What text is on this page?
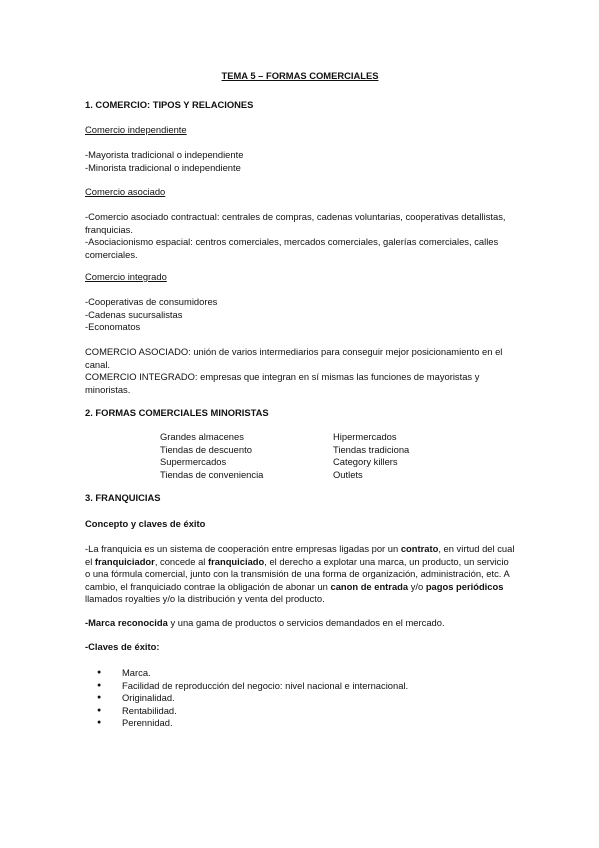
TEMA 5 – FORMAS COMERCIALES
1. COMERCIO: TIPOS Y RELACIONES
Comercio independiente
-Mayorista tradicional o independiente
-Minorista tradicional o independiente
Comercio asociado
-Comercio asociado contractual: centrales de compras, cadenas voluntarias, cooperativas detallistas, franquicias.
-Asociacionismo espacial: centros comerciales, mercados comerciales, galerías comerciales, calles comerciales.
Comercio integrado
-Cooperativas de consumidores
-Cadenas sucursalistas
-Economatos
COMERCIO ASOCIADO: unión de varios intermediarios para conseguir mejor posicionamiento en el canal.
COMERCIO INTEGRADO: empresas que integran en sí mismas las funciones de mayoristas y minoristas.
2. FORMAS COMERCIALES MINORISTAS
Grandes almacenes
Tiendas de descuento
Supermercados
Tiendas de conveniencia
Hipermercados
Tiendas tradiciona
Category killers
Outlets
3. FRANQUICIAS
Concepto y claves de éxito
-La franquicia es un sistema de cooperación entre empresas ligadas por un contrato, en virtud del cual el franquiciador, concede al franquiciado, el derecho a explotar una marca, un producto, un servicio o una fórmula comercial, junto con la transmisión de una forma de organización, administración, etc. A cambio, el franquiciado contrae la obligación de abonar un canon de entrada y/o pagos periódicos llamados royalties y/o la distribución y venta del producto.
-Marca reconocida y una gama de productos o servicios demandados en el mercado.
-Claves de éxito:
● Marca.
● Facilidad de reproducción del negocio: nivel nacional e internacional.
● Originalidad.
● Rentabilidad.
● Perennidad.
